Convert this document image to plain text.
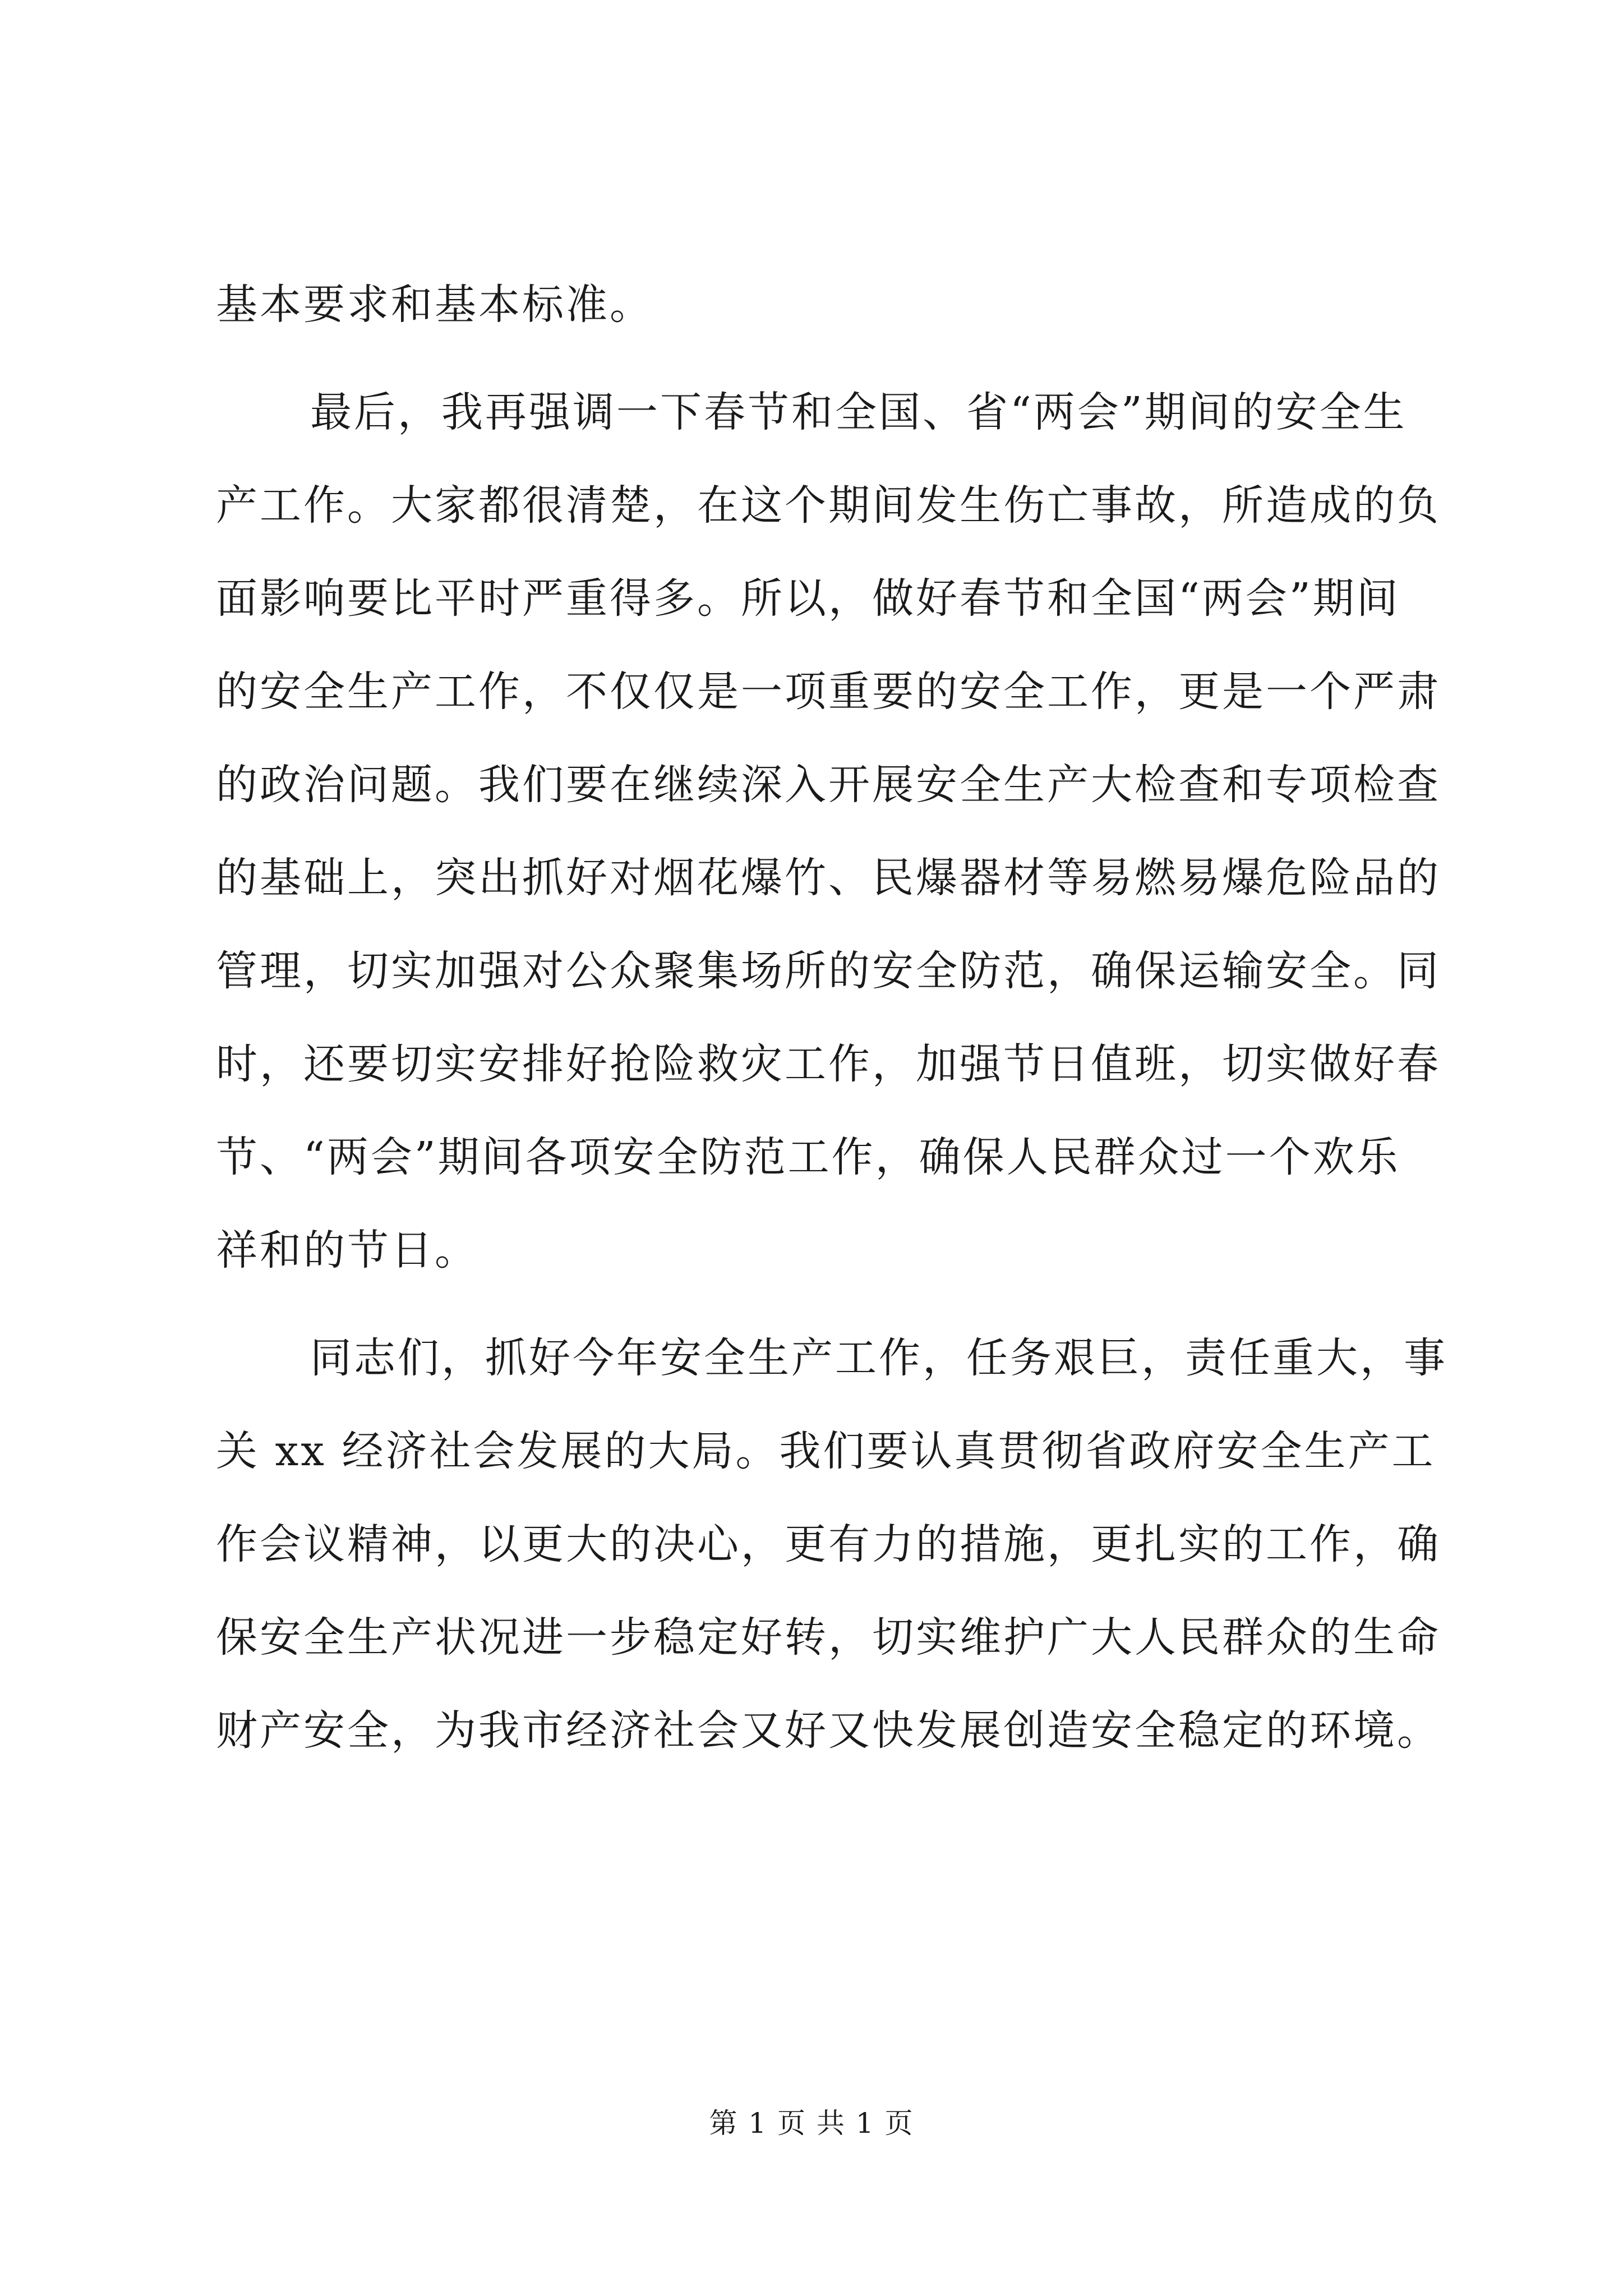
基本要求和基本标准。
最后，我再强调一下春节和全国、省“两会”期间的安全生
产工作。大家都很清楚，在这个期间发生伤亡事故，所造成的负
面影响要比平时严重得多。所以，做好春节和全国“两会”期间
的安全生产工作，不仅仅是一项重要的安全工作，更是一个严肃
的政治问题。我们要在继续深入开展安全生产大检查和专项检查
的基础上，突出抓好对烟花爆竹、民爆器材等易燃易爆危险品的
管理，切实加强对公众聚集场所的安全防范，确保运输安全。同
时，还要切实安排好抢险救灾工作，加强节日值班，切实做好春
节、“两会”期间各项安全防范工作，确保人民群众过一个欢乐
祥和的节日。
同志们，抓好今年安全生产工作，任务艰巨，责任重大，事
关 xx 经济社会发展的大局。我们要认真贯彻省政府安全生产工
作会议精神，以更大的决心，更有力的措施，更扎实的工作，确
保安全生产状况进一步稳定好转，切实维护广大人民群众的生命
财产安全，为我市经济社会又好又快发展创造安全稳定的环境。
第 1 页 共 1 页
